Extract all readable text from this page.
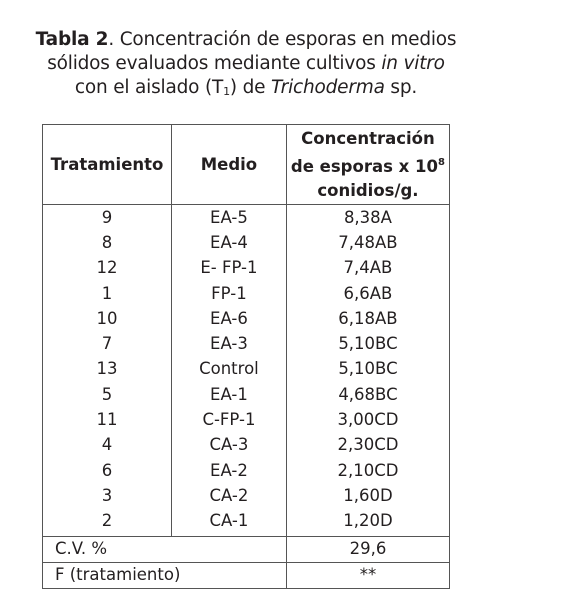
Tabla 2. Concentración de esporas en medios
sólidos evaluados mediante cultivos in vitro
con el aislado (T1) de Trichoderma sp.
Tratamiento	Medio	Concentración
de esporas x $10^8$
conidios/g.

9	EA-5	8,38A
8	EA-4	7,48AB
12	E- FP-1	7,4AB
1	FP-1	6,6AB
10	EA-6	6,18AB
7	EA-3	5,10BC
13	Control	5,10BC
5	EA-1	4,68BC
11	C-FP-1	3,00CD
4	CA-3	2,30CD
6	EA-2	2,10CD
3	CA-2	1,60D
2	CA-1	1,20D
C.V. %		29,6
F (tratamiento)		**
